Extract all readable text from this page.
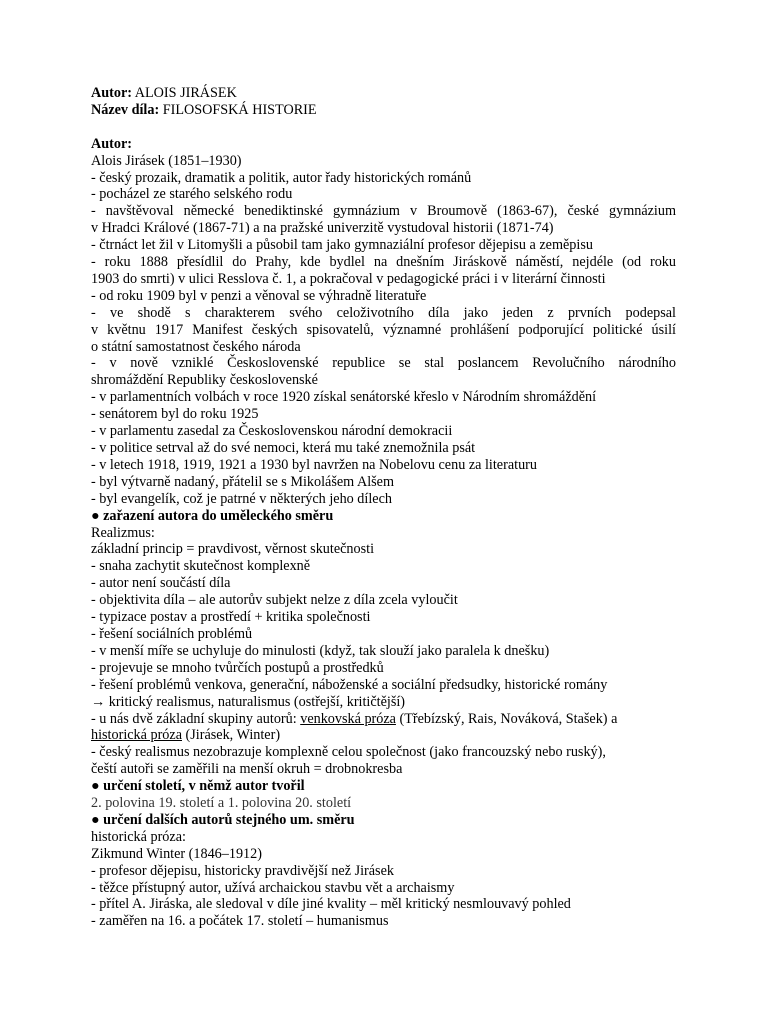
Autor: ALOIS JIRÁSEK
Název díla: FILOSOFSKÁ HISTORIE
Autor:
Alois Jirásek (1851–1930)
- český prozaik, dramatik a politik, autor řady historických románů
- pocházel ze starého selského rodu
- navštěvoval německé benediktinské gymnázium v Broumově (1863-67), české gymnázium
v Hradci Králové (1867-71) a na pražské univerzitě vystudoval historii (1871-74)
- čtrnáct let žil v Litomyšli a působil tam jako gymnaziální profesor dějepisu a zeměpisu
- roku 1888 přesídlil do Prahy, kde bydlel na dnešním Jiráskově náměstí, nejdéle (od roku
1903 do smrti) v ulici Resslova č. 1, a pokračoval v pedagogické práci i v literární činnosti
- od roku 1909 byl v penzi a věnoval se výhradně literatuře
- ve shodě s charakterem svého celoživotního díla jako jeden z prvních podepsal
v květnu 1917 Manifest českých spisovatelů, významné prohlášení podporující politické úsilí
o státní samostatnost českého národa
- v nově vzniklé Československé republice se stal poslancem Revolučního národního
shromáždění Republiky československé
- v parlamentních volbách v roce 1920 získal senátorské křeslo v Národním shromáždění
- senátorem byl do roku 1925
- v parlamentu zasedal za Československou národní demokracii
- v politice setrval až do své nemoci, která mu také znemožnila psát
- v letech 1918, 1919, 1921 a 1930 byl navržen na Nobelovu cenu za literaturu
- byl výtvarně nadaný, přátelil se s Mikolášem Alšem
- byl evangelík, což je patrné v některých jeho dílech
● zařazení autora do uměleckého směru
Realizmus:
základní princip = pravdivost, věrnost skutečnosti
- snaha zachytit skutečnost komplexně
- autor není součástí díla
- objektivita díla – ale autorův subjekt nelze z díla zcela vyloučit
- typizace postav a prostředí + kritika společnosti
- řešení sociálních problémů
- v menší míře se uchyluje do minulosti (když, tak slouží jako paralela k dnešku)
- projevuje se mnoho tvůrčích postupů a prostředků
- řešení problémů venkova, generační, náboženské a sociální předsudky, historické romány
→ kritický realismus, naturalismus (ostřejší, kritičtější)
- u nás dvě základní skupiny autorů: venkovská próza (Třebízský, Rais, Nováková, Stašek) a
historická próza (Jirásek, Winter)
- český realismus nezobrazuje komplexně celou společnost (jako francouzský nebo ruský),
čeští autoři se zaměřili na menší okruh = drobnokresba
● určení století, v němž autor tvořil
2. polovina 19. století a 1. polovina 20. století
● určení dalších autorů stejného um. směru
historická próza:
Zikmund Winter (1846–1912)
- profesor dějepisu, historicky pravdivější než Jirásek
- těžce přístupný autor, užívá archaickou stavbu vět a archaismy
- přítel A. Jiráska, ale sledoval v díle jiné kvality – měl kritický nesmlouvavý pohled
- zaměřen na 16. a počátek 17. století – humanismus
